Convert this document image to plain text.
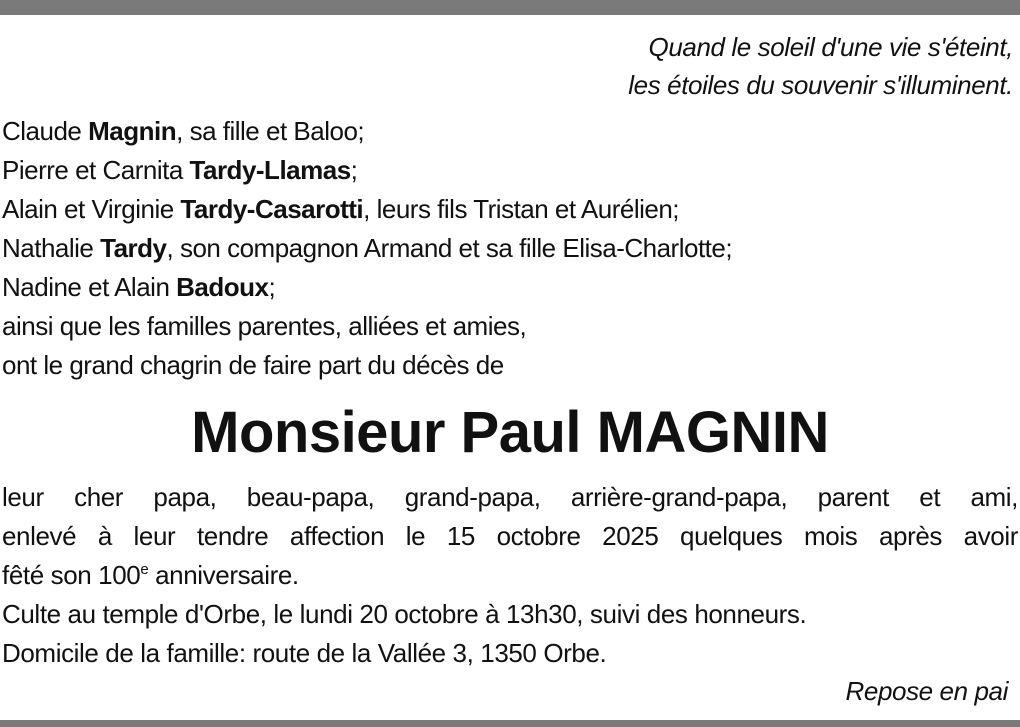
Quand le soleil d'une vie s'éteint,
les étoiles du souvenir s'illuminent.
Claude Magnin, sa fille et Baloo;
Pierre et Carnita Tardy-Llamas;
Alain et Virginie Tardy-Casarotti, leurs fils Tristan et Aurélien;
Nathalie Tardy, son compagnon Armand et sa fille Elisa-Charlotte;
Nadine et Alain Badoux;
ainsi que les familles parentes, alliées et amies,
ont le grand chagrin de faire part du décès de
Monsieur Paul MAGNIN
leur cher papa, beau-papa, grand-papa, arrière-grand-papa, parent et ami,
enlevé à leur tendre affection le 15 octobre 2025 quelques mois après avoir
fêté son 100e anniversaire.
Culte au temple d'Orbe, le lundi 20 octobre à 13h30, suivi des honneurs.
Domicile de la famille: route de la Vallée 3, 1350 Orbe.
Repose en pai
